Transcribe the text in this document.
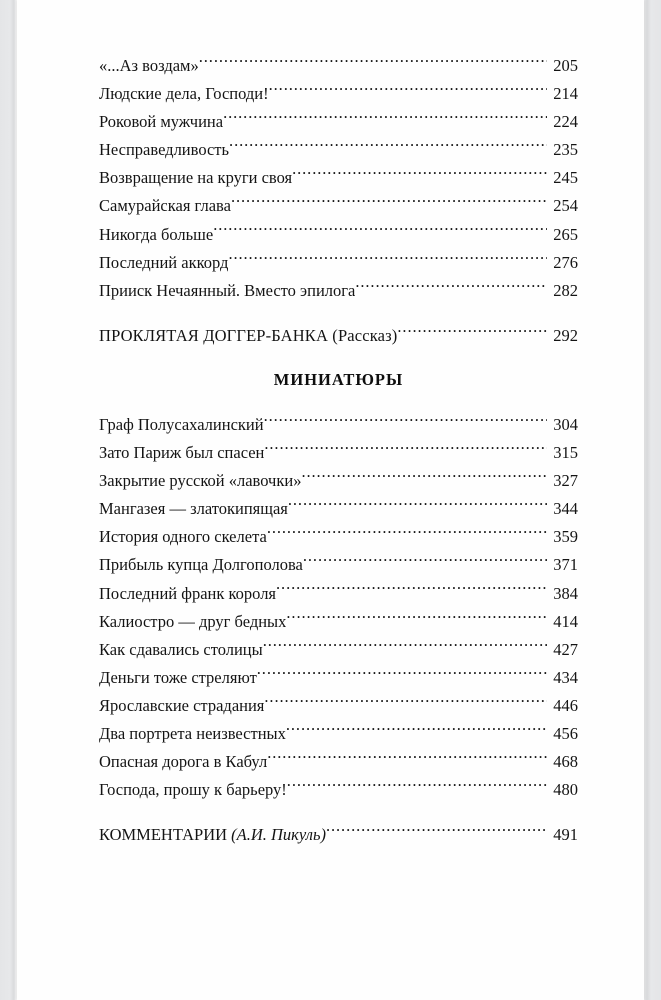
«...Аз воздам» .....	205
Людские дела, Господи! .....	214
Роковой мужчина .....	224
Несправедливость .....	235
Возвращение на круги своя .....	245
Самурайская глава .....	254
Никогда больше .....	265
Последний аккорд .....	276
Прииск Нечаянный. Вместо эпилога .....	282
ПРОКЛЯТАЯ ДОГГЕР-БАНКА (Рассказ) .....	292
МИНИАТЮРЫ
Граф Полусахалинский .....	304
Зато Париж был спасен .....	315
Закрытие русской «лавочки» .....	327
Мангазея — златокипящая .....	344
История одного скелета .....	359
Прибыль купца Долгополова .....	371
Последний франк короля .....	384
Калиостро — друг бедных .....	414
Как сдавались столицы .....	427
Деньги тоже стреляют .....	434
Ярославские страдания .....	446
Два портрета неизвестных .....	456
Опасная дорога в Кабул .....	468
Господа, прошу к барьеру! .....	480
КОММЕНТАРИИ (А.И. Пикуль) .....	491
